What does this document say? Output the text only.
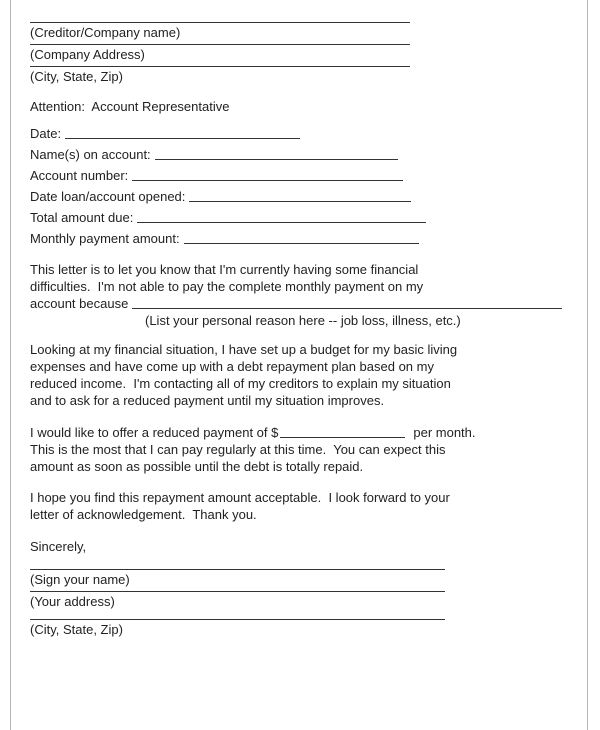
(Creditor/Company name)
(Company Address)
(City, State, Zip)
Attention:  Account Representative
Date:
Name(s) on account:
Account number:
Date loan/account opened:
Total amount due:
Monthly payment amount:
This letter is to let you know that I'm currently having some financial
difficulties.  I'm not able to pay the complete monthly payment on my
account because
(List your personal reason here -- job loss, illness, etc.)
Looking at my financial situation, I have set up a budget for my basic living
expenses and have come up with a debt repayment plan based on my
reduced income.  I'm contacting all of my creditors to explain my situation
and to ask for a reduced payment until my situation improves.
I would like to offer a reduced payment of $	per month.
This is the most that I can pay regularly at this time.  You can expect this
amount as soon as possible until the debt is totally repaid.
I hope you find this repayment amount acceptable.  I look forward to your
letter of acknowledgement.  Thank you.
Sincerely,
(Sign your name)
(Your address)
(City, State, Zip)
